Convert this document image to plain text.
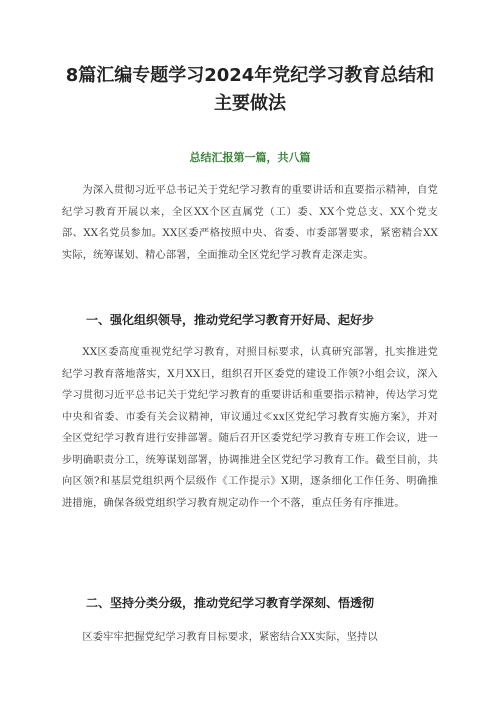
8篇汇编专题学习2024年党纪学习教育总结和主要做法

总结汇报第一篇，共八篇

为深入贯彻习近平总书记关于党纪学习教育的重要讲话和直要指示精神，自党纪学习教育开展以来，全区XX个区直属党（工）委、XX个党总支、XX个党支部、XX名党员参加。XX区委严格按照中央、省委、市委部署要求，紧密精合XX实际，统筹谋划、精心部署，全面推动全区党纪学习教育走深走实。

一、强化组织领导，推动党纪学习教育开好局、起好步

XX区委高度重视党纪学习教育，对照目标要求，认真研究部署，扎实推进党纪学习教育落地落实，X月XX日，组织召开区委党的建设工作领?小组会议，深入学习贯彻习近平总书记关于党纪学习教育的重要讲话和重要指示精神，传达学习党中央和省委、市委有关会议精神，审议通过≪xx区党纪学习教育实施方案》，并对全区党纪学习教育进行安排部署。随后召开区委党纪学习教育专班工作会议，进一步明确职责分工，统筹谋划部署，协调推进全区党纪学习教育工作。截至目前，共向区领?和基层党组织两个层级作《工作提示》X期，逐条细化工作任务、明确推进措施，确保各级党组织学习教育规定动作一个不落，重点任务有序推进。

二、坚持分类分级，推动党纪学习教育学深刻、悟透彻

区委牢牢把握党纪学习教育目标要求，紧密结合XX实际，坚持以
